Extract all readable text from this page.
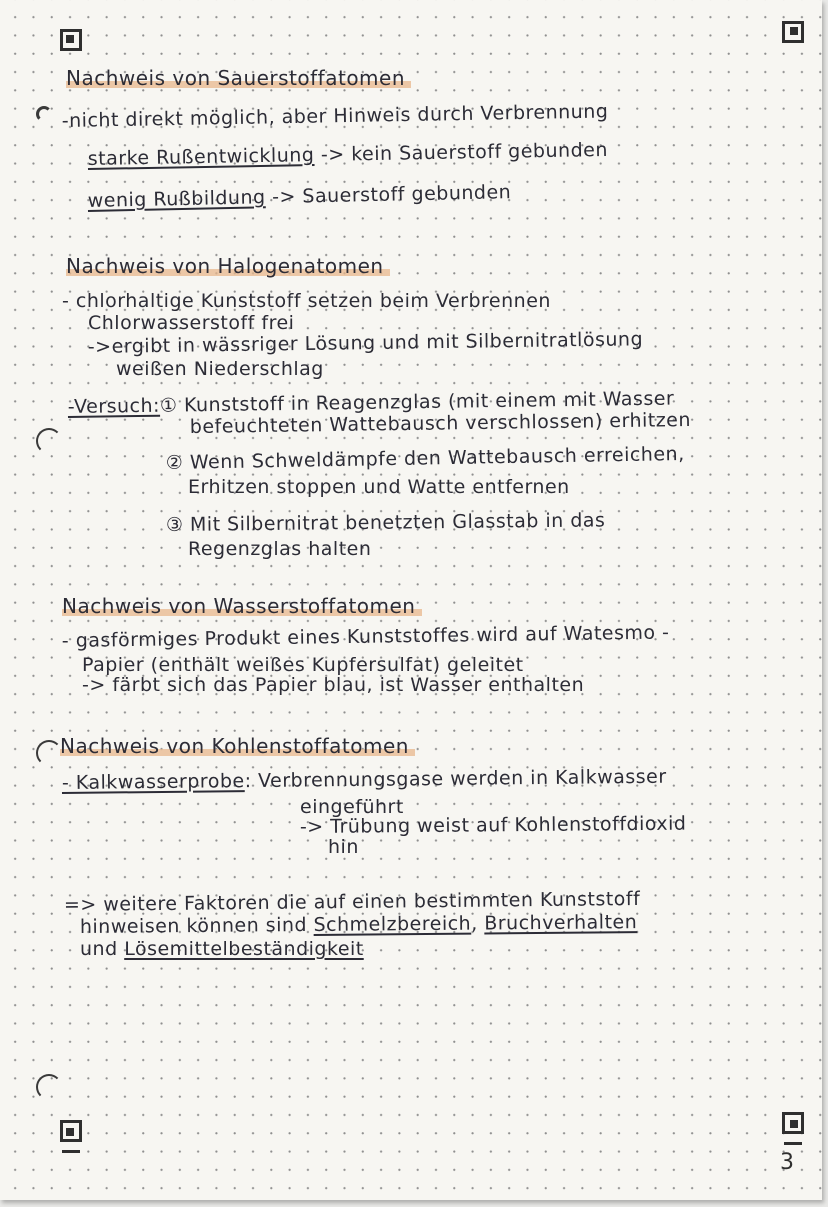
3

Nachweis von Sauerstoffatomen

-nicht direkt möglich, aber Hinweis durch Verbrennung

starke Rußentwicklung -> kein Sauerstoff gebunden

wenig Rußbildung -> Sauerstoff gebunden

Nachweis von Halogenatomen

- chlorhaltige Kunststoff setzen beim Verbrennen

Chlorwasserstoff frei

->ergibt in wässriger Lösung und mit Silbernitratlösung

weißen Niederschlag

-Versuch:① Kunststoff in Reagenzglas (mit einem mit Wasser

befeuchteten Wattebausch verschlossen) erhitzen

② Wenn Schweldämpfe den Wattebausch erreichen,

Erhitzen stoppen und Watte entfernen

③ Mit Silbernitrat benetzten Glasstab in das

Regenzglas halten

Nachweis von Wasserstoffatomen

- gasförmiges Produkt eines Kunststoffes wird auf Watesmo -

Papier (enthält weißes Kupfersulfat) geleitet

-> färbt sich das Papier blau, ist Wasser enthalten

Nachweis von Kohlenstoffatomen

- Kalkwasserprobe: Verbrennungsgase werden in Kalkwasser

eingeführt

-> Trübung weist auf Kohlenstoffdioxid

hin

=> weitere Faktoren die auf einen bestimmten Kunststoff

hinweisen können sind Schmelzbereich, Bruchverhalten

und Lösemittelbeständigkeit
